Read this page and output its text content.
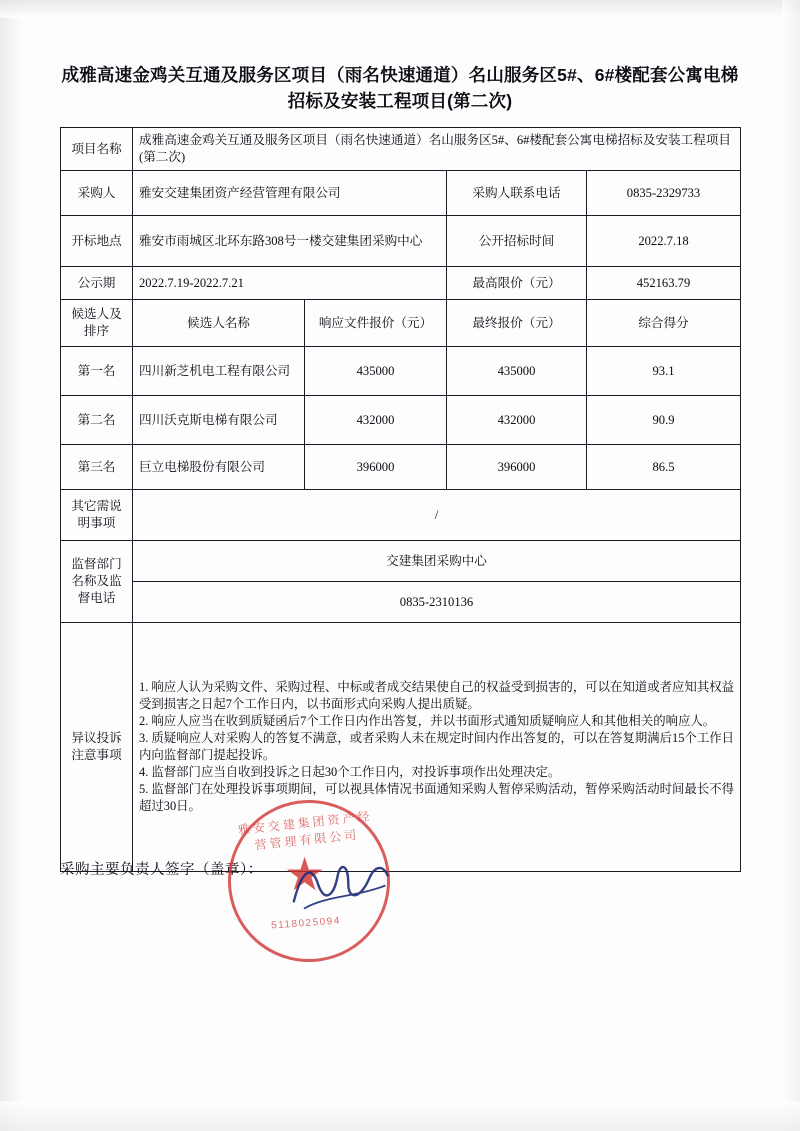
成雅高速金鸡关互通及服务区项目（雨名快速通道）名山服务区5#、6#楼配套公寓电梯招标及安装工程项目(第二次)
项目名称	成雅高速金鸡关互通及服务区项目（雨名快速通道）名山服务区5#、6#楼配套公寓电梯招标及安装工程项目(第二次)			
采购人	雅安交建集团资产经营管理有限公司		采购人联系电话	0835-2329733
开标地点	雅安市雨城区北环东路308号一楼交建集团采购中心		公开招标时间	2022.7.18
公示期	2022.7.19-2022.7.21		最高限价（元）	452163.79
候选人及排序	候选人名称	响应文件报价（元）	最终报价（元）	综合得分
第一名	四川新芝机电工程有限公司	435000	435000	93.1
第二名	四川沃克斯电梯有限公司	432000	432000	90.9
第三名	巨立电梯股份有限公司	396000	396000	86.5
其它需说明事项	/			
监督部门名称及监督电话	交建集团采购中心			
	0835-2310136			
异议投诉注意事项	1. 响应人认为采购文件、采购过程、中标或者成交结果使自己的权益受到损害的，可以在知道或者应知其权益受到损害之日起7个工作日内，以书面形式向采购人提出质疑。

2. 响应人应当在收到质疑函后7个工作日内作出答复，并以书面形式通知质疑响应人和其他相关的响应人。

3. 质疑响应人对采购人的答复不满意，或者采购人未在规定时间内作出答复的，可以在答复期满后15个工作日内向监督部门提起投诉。

4. 监督部门应当自收到投诉之日起30个工作日内，对投诉事项作出处理决定。

5. 监督部门在处理投诉事项期间，可以视具体情况书面通知采购人暂停采购活动，暂停采购活动时间最长不得超过30日。			

采购主要负责人签字（盖章）：
雅安交建集团资产经营管理有限公司
★
5118025094
